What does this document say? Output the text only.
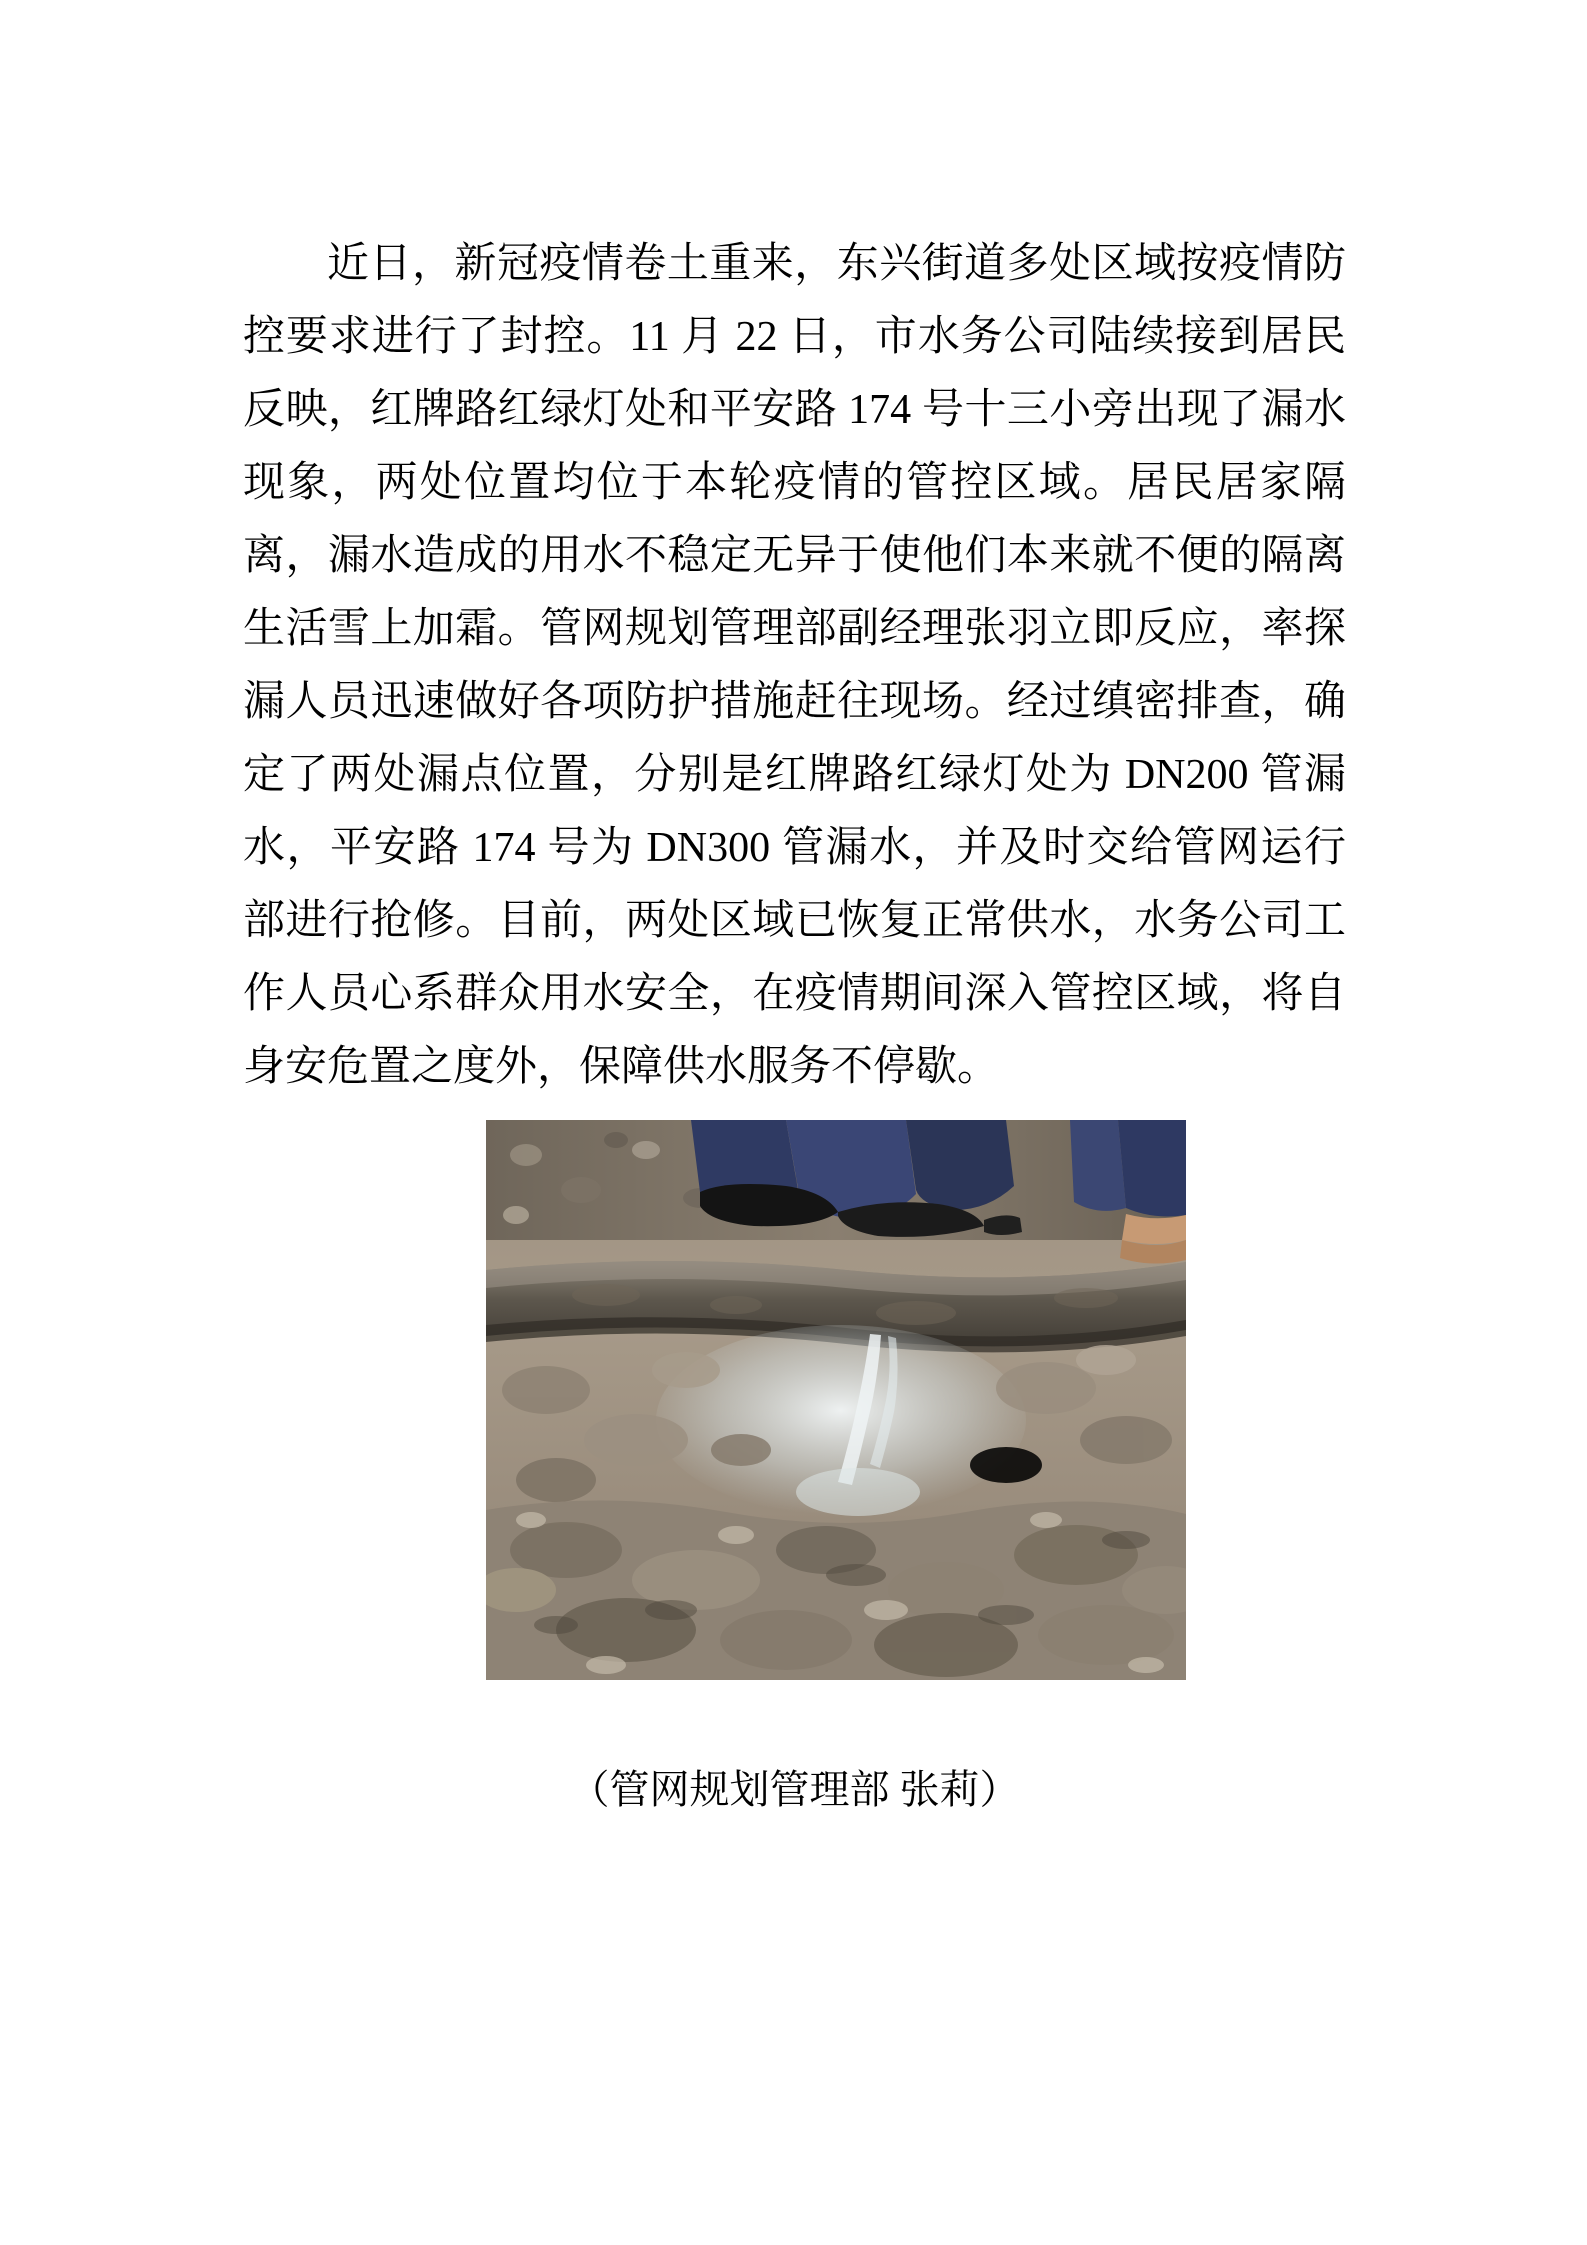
近日，新冠疫情卷土重来，东兴街道多处区域按疫情防控要求进行了封控。11 月 22 日，市水务公司陆续接到居民反映，红牌路红绿灯处和平安路 174 号十三小旁出现了漏水现象，两处位置均位于本轮疫情的管控区域。居民居家隔离，漏水造成的用水不稳定无异于使他们本来就不便的隔离生活雪上加霜。管网规划管理部副经理张羽立即反应，率探漏人员迅速做好各项防护措施赶往现场。经过缜密排查，确定了两处漏点位置，分别是红牌路红绿灯处为 DN200 管漏水，平安路 174 号为 DN300 管漏水，并及时交给管网运行部进行抢修。目前，两处区域已恢复正常供水，水务公司工作人员心系群众用水安全，在疫情期间深入管控区域，将自身安危置之度外，保障供水服务不停歇。

（管网规划管理部 张莉）
